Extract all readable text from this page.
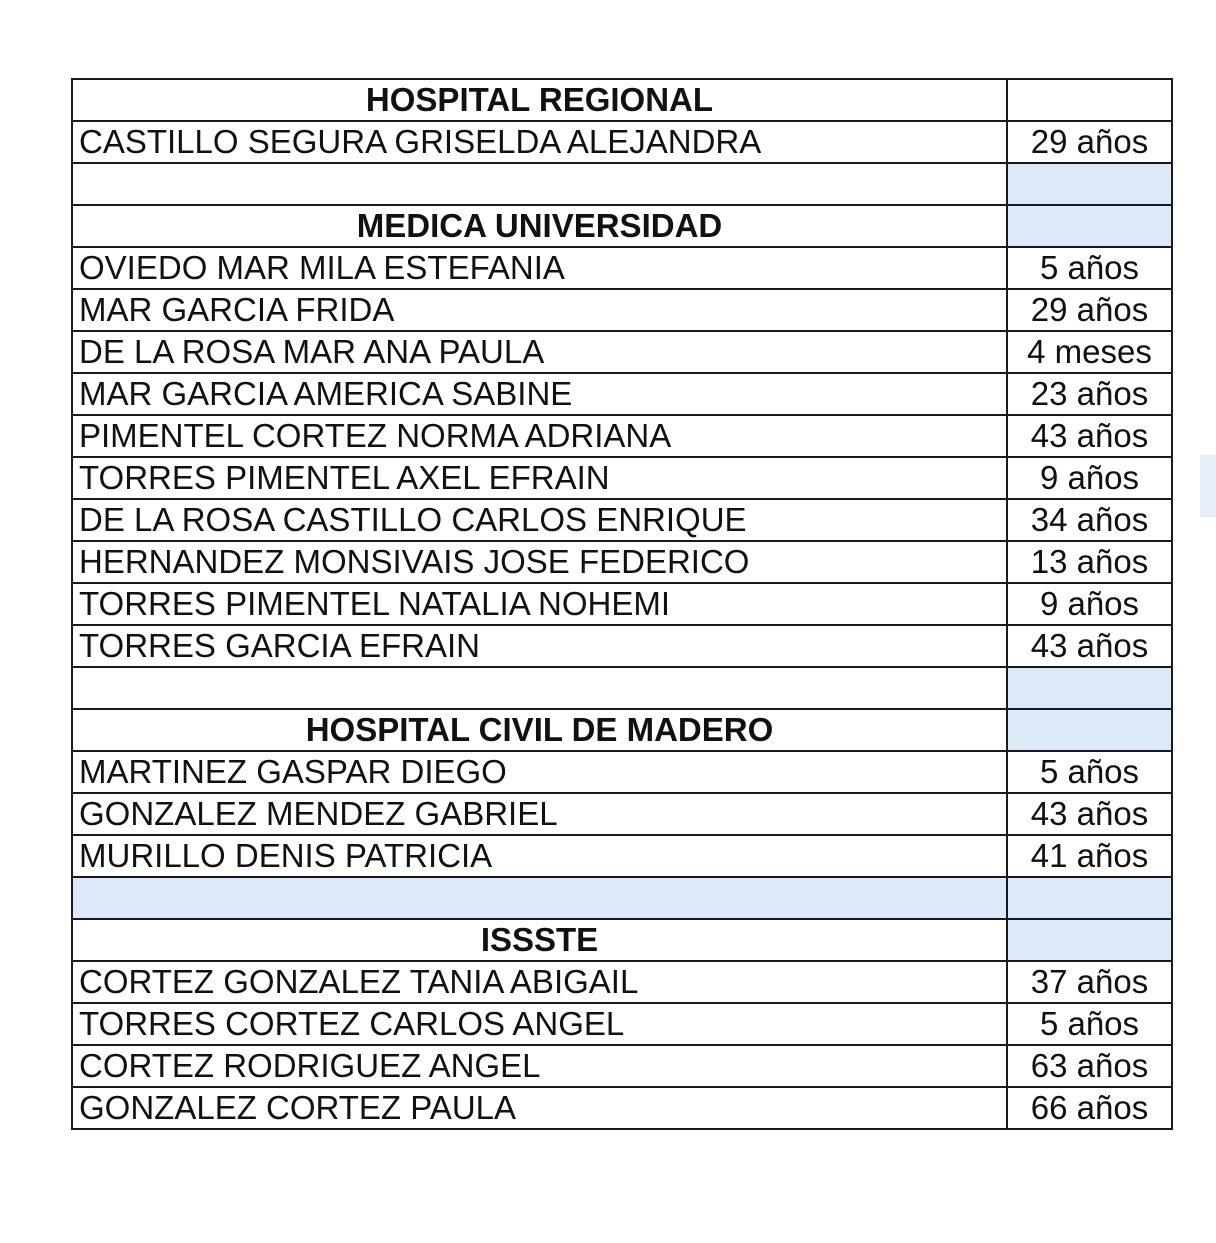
HOSPITAL REGIONAL	
CASTILLO SEGURA GRISELDA ALEJANDRA	29 años

MEDICA UNIVERSIDAD	
OVIEDO MAR MILA ESTEFANIA	5 años
MAR GARCIA FRIDA	29 años
DE LA ROSA MAR ANA PAULA	4 meses
MAR GARCIA AMERICA SABINE	23 años
PIMENTEL CORTEZ NORMA ADRIANA	43 años
TORRES PIMENTEL AXEL EFRAIN	9 años
DE LA ROSA CASTILLO CARLOS ENRIQUE	34 años
HERNANDEZ MONSIVAIS JOSE FEDERICO	13 años
TORRES PIMENTEL NATALIA NOHEMI	9 años
TORRES GARCIA EFRAIN	43 años

HOSPITAL CIVIL DE MADERO	
MARTINEZ GASPAR DIEGO	5 años
GONZALEZ MENDEZ GABRIEL	43 años
MURILLO DENIS PATRICIA	41 años

ISSSTE	
CORTEZ GONZALEZ TANIA ABIGAIL	37 años
TORRES CORTEZ CARLOS ANGEL	5 años
CORTEZ RODRIGUEZ ANGEL	63 años
GONZALEZ CORTEZ PAULA	66 años
